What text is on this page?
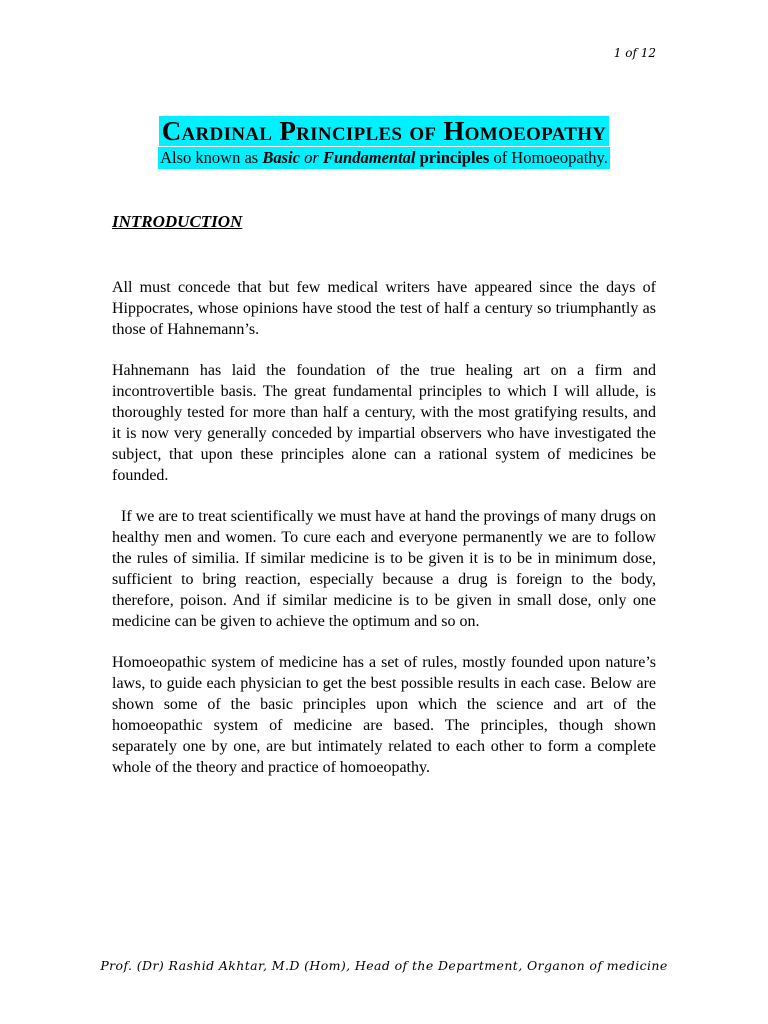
1 of 12
Cardinal Principles of Homoeopathy
Also known as Basic or Fundamental principles of Homoeopathy.
INTRODUCTION

All must concede that but few medical writers have appeared since the days of Hippocrates, whose opinions have stood the test of half a century so triumphantly as those of Hahnemann’s.

Hahnemann has laid the foundation of the true healing art on a firm and incontrovertible basis. The great fundamental principles to which I will allude, is thoroughly tested for more than half a century, with the most gratifying results, and it is now very generally conceded by impartial observers who have investigated the subject, that upon these principles alone can a rational system of medicines be founded.

If we are to treat scientifically we must have at hand the provings of many drugs on healthy men and women. To cure each and everyone permanently we are to follow the rules of similia. If similar medicine is to be given it is to be in minimum dose, sufficient to bring reaction, especially because a drug is foreign to the body, therefore, poison. And if similar medicine is to be given in small dose, only one medicine can be given to achieve the optimum and so on.

Homoeopathic system of medicine has a set of rules, mostly founded upon nature’s laws, to guide each physician to get the best possible results in each case. Below are shown some of the basic principles upon which the science and art of the homoeopathic system of medicine are based. The principles, though shown separately one by one, are but intimately related to each other to form a complete whole of the theory and practice of homoeopathy.

Prof. (Dr) Rashid Akhtar, M.D (Hom), Head of the Department, Organon of medicine
